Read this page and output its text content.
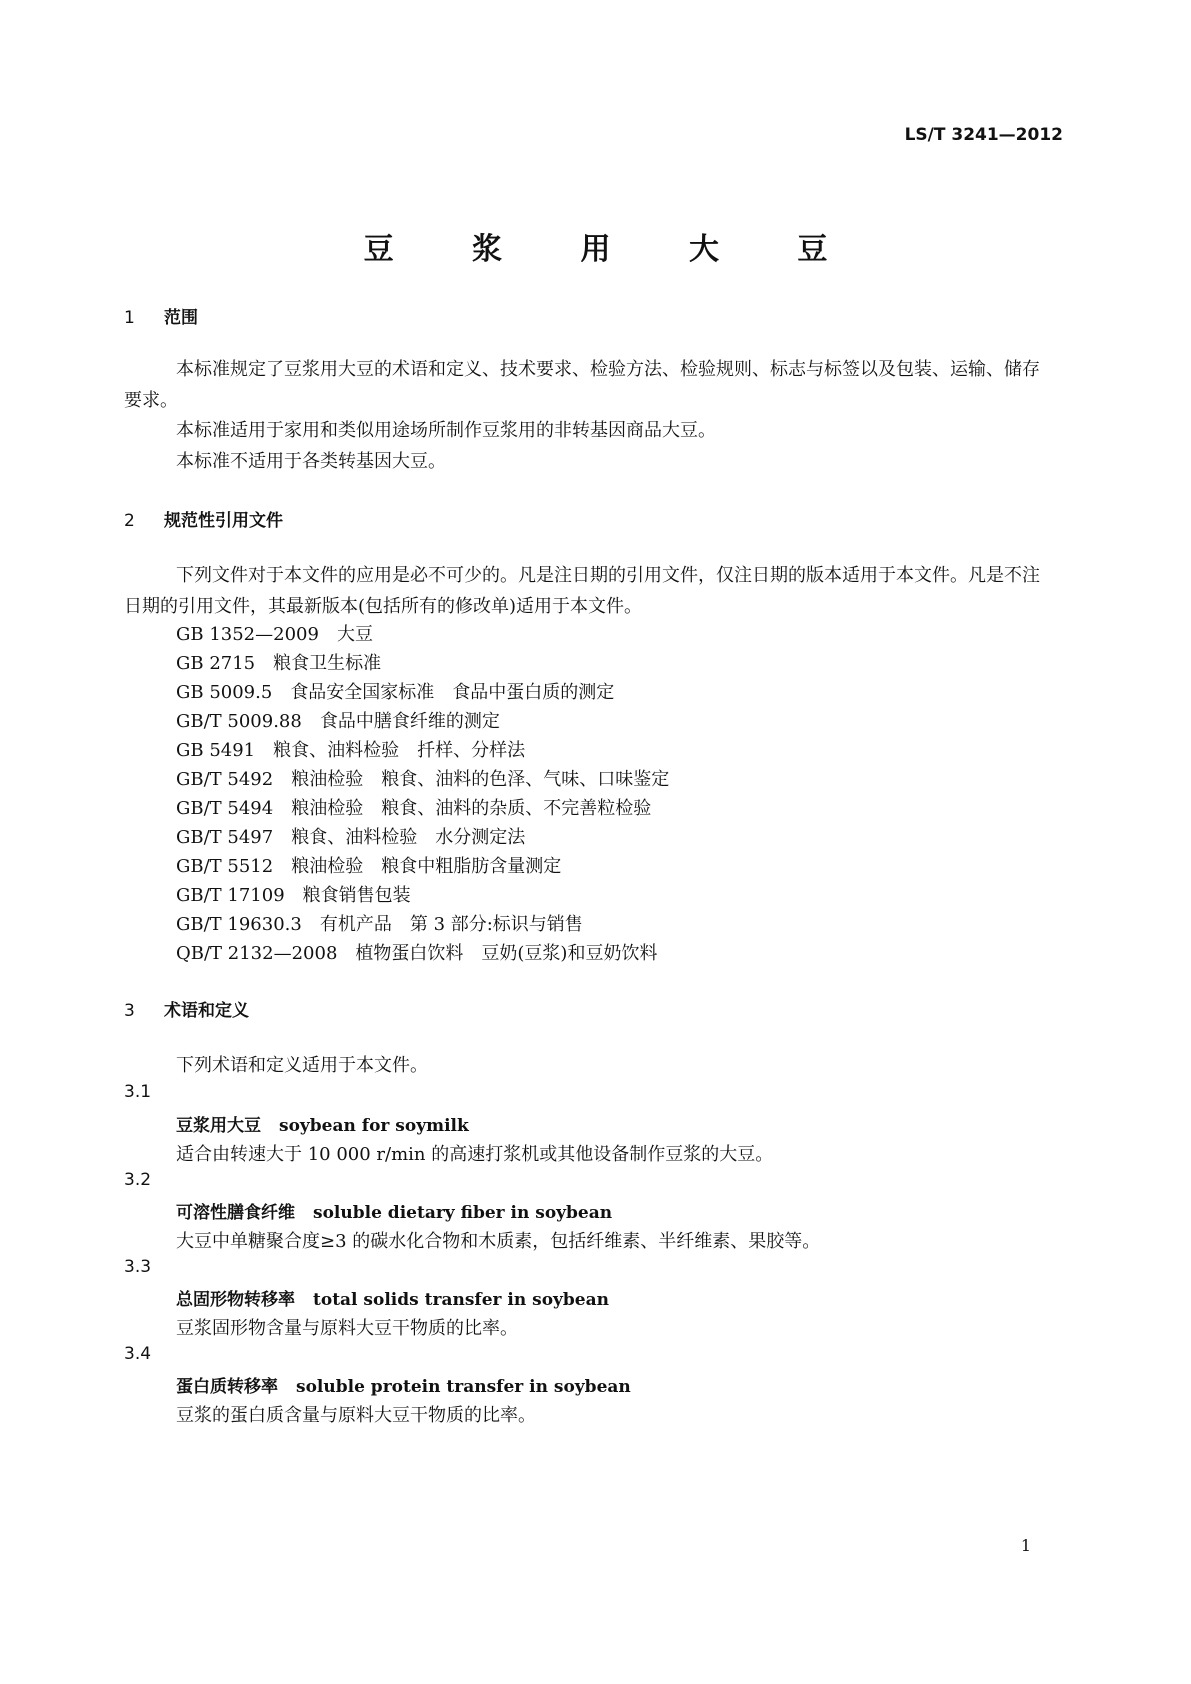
LS/T 3241—2012
豆 浆 用 大 豆
1 范围
本标准规定了豆浆用大豆的术语和定义、技术要求、检验方法、检验规则、标志与标签以及包装、运输、储存要求。
本标准适用于家用和类似用途场所制作豆浆用的非转基因商品大豆。
本标准不适用于各类转基因大豆。
2 规范性引用文件
下列文件对于本文件的应用是必不可少的。凡是注日期的引用文件，仅注日期的版本适用于本文件。凡是不注日期的引用文件，其最新版本(包括所有的修改单)适用于本文件。
GB 1352—2009 大豆
GB 2715 粮食卫生标准
GB 5009.5 食品安全国家标准 食品中蛋白质的测定
GB/T 5009.88 食品中膳食纤维的测定
GB 5491 粮食、油料检验 扦样、分样法
GB/T 5492 粮油检验 粮食、油料的色泽、气味、口味鉴定
GB/T 5494 粮油检验 粮食、油料的杂质、不完善粒检验
GB/T 5497 粮食、油料检验 水分测定法
GB/T 5512 粮油检验 粮食中粗脂肪含量测定
GB/T 17109 粮食销售包装
GB/T 19630.3 有机产品 第 3 部分:标识与销售
QB/T 2132—2008 植物蛋白饮料 豆奶(豆浆)和豆奶饮料
3 术语和定义
下列术语和定义适用于本文件。
3.1
豆浆用大豆 soybean for soymilk
适合由转速大于 10 000 r/min 的高速打浆机或其他设备制作豆浆的大豆。
3.2
可溶性膳食纤维 soluble dietary fiber in soybean
大豆中单糖聚合度≥3 的碳水化合物和木质素，包括纤维素、半纤维素、果胶等。
3.3
总固形物转移率 total solids transfer in soybean
豆浆固形物含量与原料大豆干物质的比率。
3.4
蛋白质转移率 soluble protein transfer in soybean
豆浆的蛋白质含量与原料大豆干物质的比率。
1
